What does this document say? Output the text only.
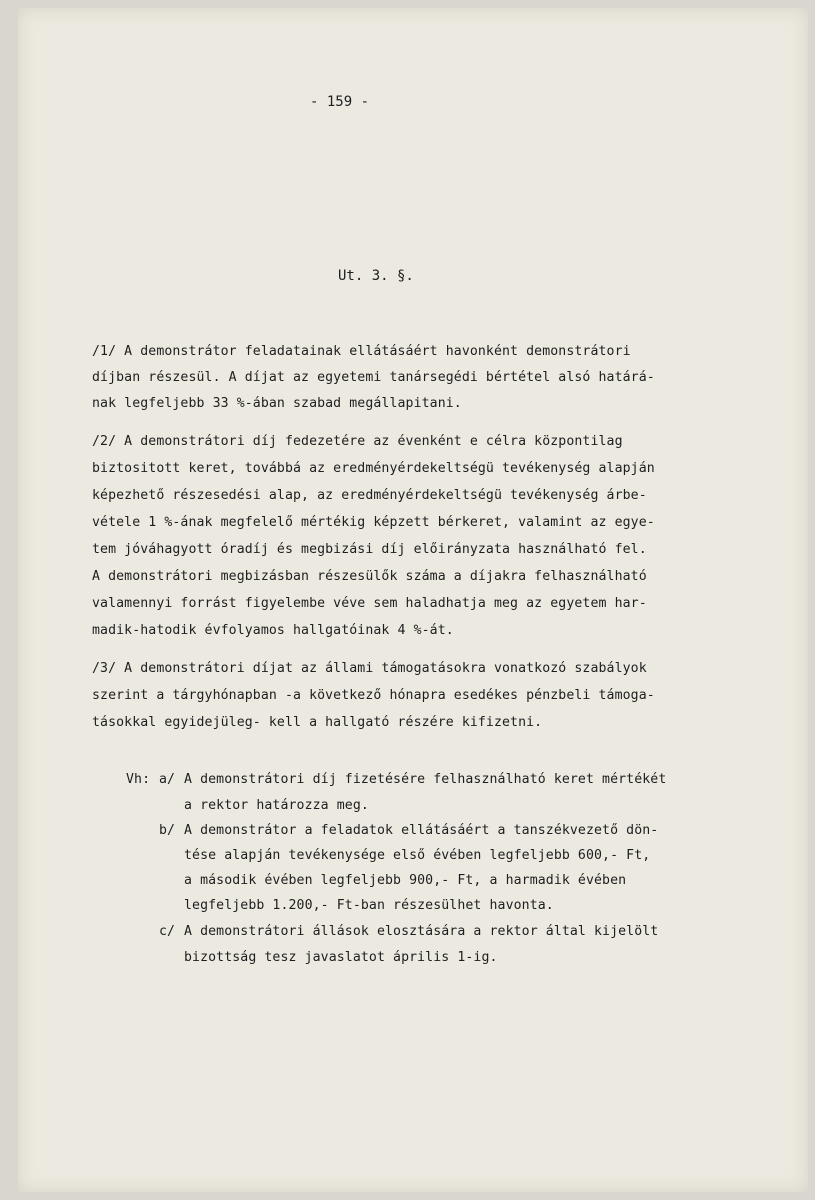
- 159 -
Ut. 3. §.
/1/ A demonstrátor feladatainak ellátásáért havonként demonstrátori
díjban részesül. A díjat az egyetemi tanársegédi bértétel alsó határá-
nak legfeljebb 33 %-ában szabad megállapitani.
/2/ A demonstrátori díj fedezetére az évenként e célra központilag
biztositott keret, továbbá az eredményérdekeltségü tevékenység alapján
képezhető részesedési alap, az eredményérdekeltségü tevékenység árbe-
vétele 1 %-ának megfelelő mértékig képzett bérkeret, valamint az egye-
tem jóváhagyott óradíj és megbizási díj előirányzata használható fel.
A demonstrátori megbizásban részesülők száma a díjakra felhasználható
valamennyi forrást figyelembe véve sem haladhatja meg az egyetem har-
madik-hatodik évfolyamos hallgatóinak 4 %-át.
/3/ A demonstrátori díjat az állami támogatásokra vonatkozó szabályok
szerint a tárgyhónapban -a következő hónapra esedékes pénzbeli támoga-
tásokkal egyidejüleg- kell a hallgató részére kifizetni.
Vh: a/ A demonstrátori díj fizetésére felhasználható keret mértékét
a rektor határozza meg.
b/ A demonstrátor a feladatok ellátásáért a tanszékvezető dön-
tése alapján tevékenysége első évében legfeljebb 600,- Ft,
a második évében legfeljebb 900,- Ft, a harmadik évében
legfeljebb 1.200,- Ft-ban részesülhet havonta.
c/ A demonstrátori állások elosztására a rektor által kijelölt
bizottság tesz javaslatot április 1-ig.
